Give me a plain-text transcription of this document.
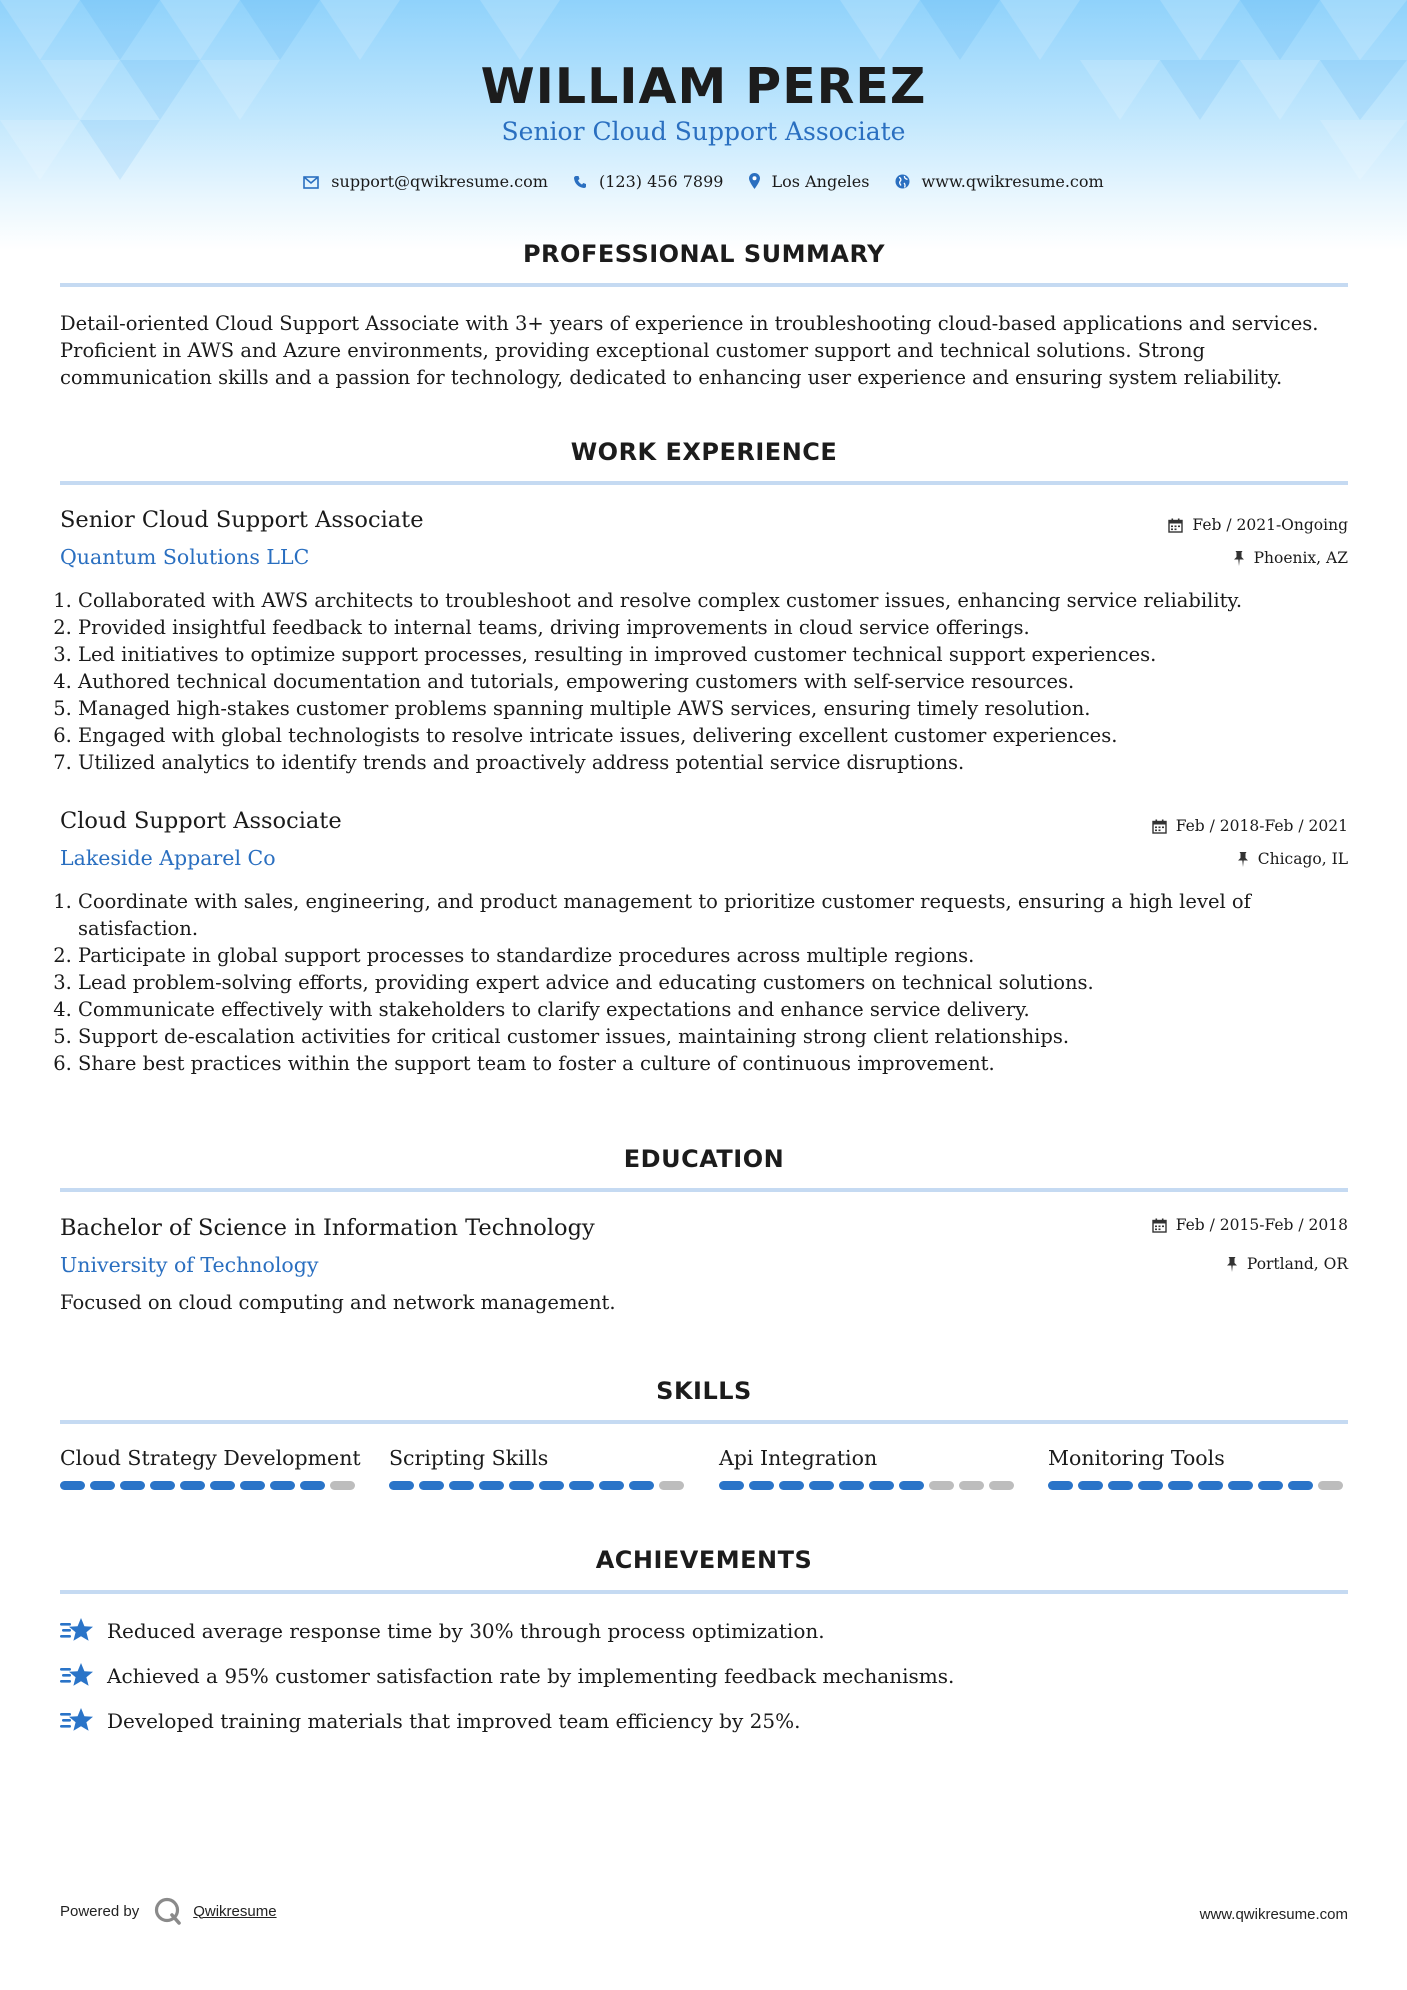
WILLIAM PEREZ
Senior Cloud Support Associate
support@qwikresume.com	(123) 456 7899	Los Angeles	www.qwikresume.com
PROFESSIONAL SUMMARY
Detail-oriented Cloud Support Associate with 3+ years of experience in troubleshooting cloud-based applications and services.
Proficient in AWS and Azure environments, providing exceptional customer support and technical solutions. Strong
communication skills and a passion for technology, dedicated to enhancing user experience and ensuring system reliability.
WORK EXPERIENCE
Senior Cloud Support Associate
Quantum Solutions LLC
Feb / 2021-Ongoing
Phoenix, AZ
1. Collaborated with AWS architects to troubleshoot and resolve complex customer issues, enhancing service reliability.
2. Provided insightful feedback to internal teams, driving improvements in cloud service offerings.
3. Led initiatives to optimize support processes, resulting in improved customer technical support experiences.
4. Authored technical documentation and tutorials, empowering customers with self-service resources.
5. Managed high-stakes customer problems spanning multiple AWS services, ensuring timely resolution.
6. Engaged with global technologists to resolve intricate issues, delivering excellent customer experiences.
7. Utilized analytics to identify trends and proactively address potential service disruptions.
Cloud Support Associate
Lakeside Apparel Co
Feb / 2018-Feb / 2021
Chicago, IL
1. Coordinate with sales, engineering, and product management to prioritize customer requests, ensuring a high level of satisfaction.
2. Participate in global support processes to standardize procedures across multiple regions.
3. Lead problem-solving efforts, providing expert advice and educating customers on technical solutions.
4. Communicate effectively with stakeholders to clarify expectations and enhance service delivery.
5. Support de-escalation activities for critical customer issues, maintaining strong client relationships.
6. Share best practices within the support team to foster a culture of continuous improvement.
EDUCATION
Bachelor of Science in Information Technology
University of Technology
Feb / 2015-Feb / 2018
Portland, OR
Focused on cloud computing and network management.
SKILLS
Cloud Strategy Development Scripting Skills	Api Integration	Monitoring Tools
ACHIEVEMENTS
Reduced average response time by 30% through process optimization.
Achieved a 95% customer satisfaction rate by implementing feedback mechanisms.
Developed training materials that improved team efficiency by 25%.
Powered by	Qwikresume	www.qwikresume.com
